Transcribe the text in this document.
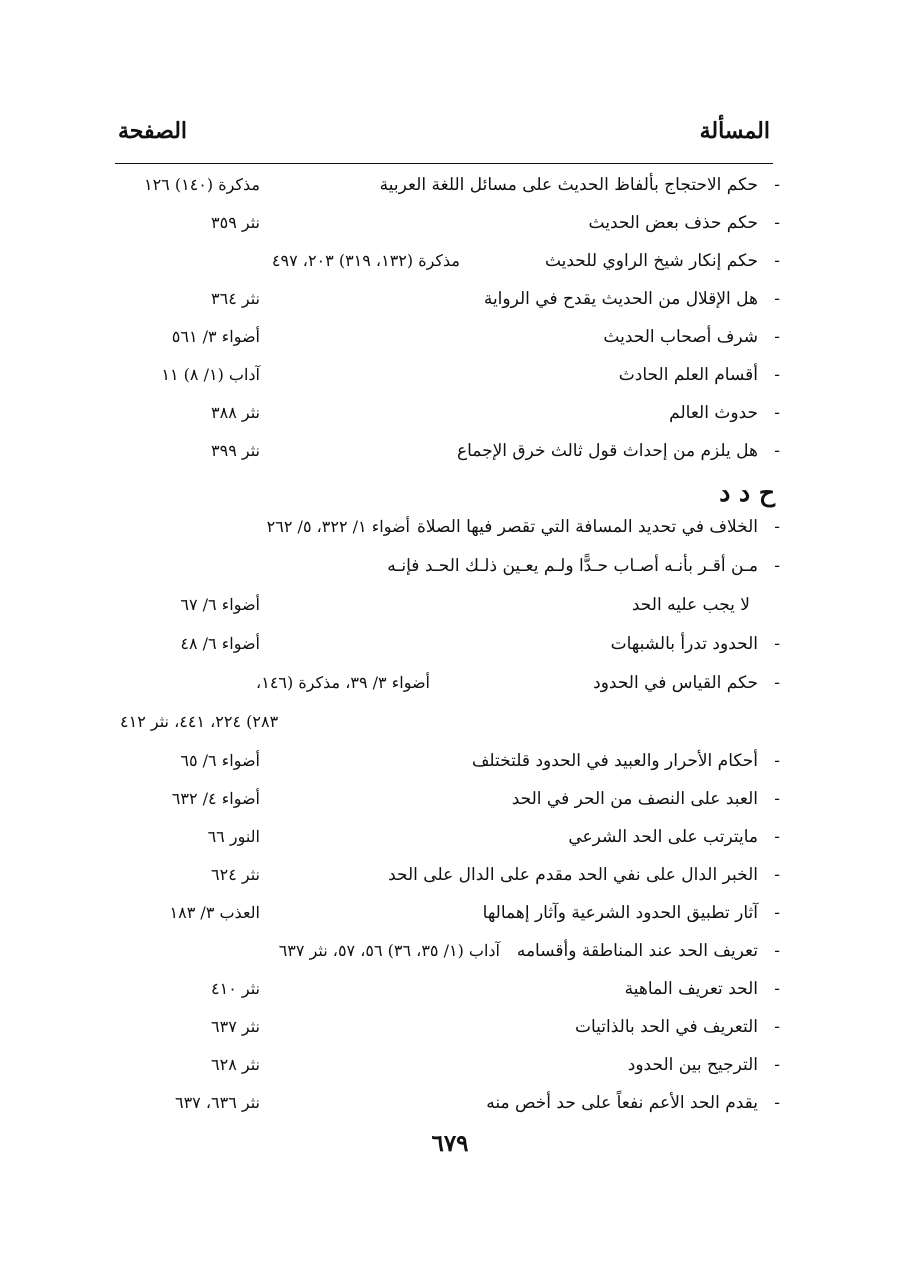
الصفحة	المسألة
-
حكم الاحتجاج بألفاظ الحديث على مسائل اللغة العربية
مذكرة (١٤٠) ١٢٦
-
حكم حذف بعض الحديث
نثر ٣٥٩
-
حكم إنكار شيخ الراوي للحديث
مذكرة (١٣٢، ٣١٩) ٢٠٣، ٤٩٧
-
هل الإقلال من الحديث يقدح في الرواية
نثر ٣٦٤
-
شرف أصحاب الحديث
أضواء ٣/ ٥٦١
-
أقسام العلم الحادث
آداب (١/ ٨) ١١
-
حدوث العالم
نثر ٣٨٨
-
هل يلزم من إحداث قول ثالث خرق الإجماع
نثر ٣٩٩
ح د د
-
الخلاف في تحديد المسافة التي تقصر فيها الصلاة
أضواء ١/ ٣٢٢، ٥/ ٢٦٢
-
مـن أقـر بأنـه أصـاب حـدًّا ولـم يعـين ذلـك الحـد فإنـه
لا يجب عليه الحد
أضواء ٦/ ٦٧
-
الحدود تدرأ بالشبهات
أضواء ٦/ ٤٨
-
حكم القياس في الحدود
أضواء ٣/ ٣٩، مذكرة (١٤٦،
٢٨٣) ٢٢٤، ٤٤١، نثر ٤١٢
-
أحكام الأحرار والعبيد في الحدود قلتختلف
أضواء ٦/ ٦٥
-
العبد على النصف من الحر في الحد
أضواء ٤/ ٦٣٢
-
مايترتب على الحد الشرعي
النور ٦٦
-
الخبر الدال على نفي الحد مقدم على الدال على الحد
نثر ٦٢٤
-
آثار تطبيق الحدود الشرعية وآثار إهمالها
العذب ٣/ ١٨٣
-
تعريف الحد عند المناطقة وأقسامه
آداب (١/ ٣٥، ٣٦) ٥٦، ٥٧، نثر ٦٣٧
-
الحد تعريف الماهية
نثر ٤١٠
-
التعريف في الحد بالذاتيات
نثر ٦٣٧
-
الترجيح بين الحدود
نثر ٦٢٨
-
يقدم الحد الأعم نفعاً على حد أخص منه
نثر ٦٣٦، ٦٣٧
٦٧٩
